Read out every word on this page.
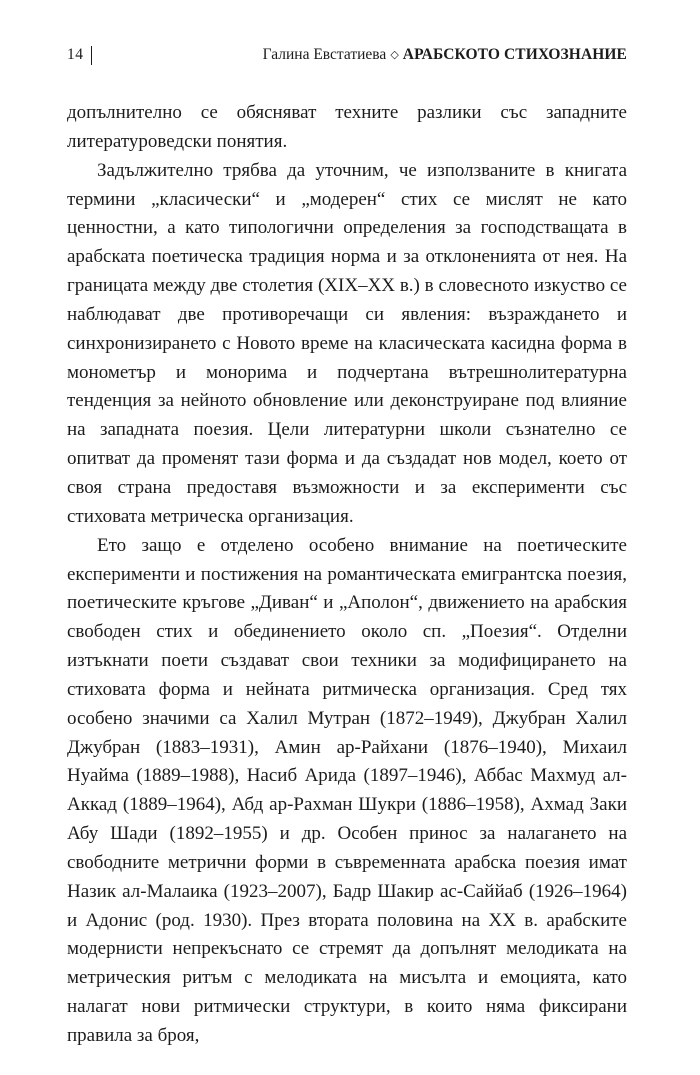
14	Галина Евстатиева ◇ АРАБСКОТО СТИХОЗНАНИЕ

допълнително се обясняват техните разлики със западните литературоведски понятия.

Задължително трябва да уточним, че използваните в книгата термини „класически“ и „модерен“ стих се мислят не като ценностни, а като типологични определения за господстващата в арабската поетическа традиция норма и за отклоненията от нея. На границата между две столетия (XIX–XX в.) в словесното изкуство се наблюдават две противоречащи си явления: възраждането и синхронизирането с Новото време на класическата касидна форма в монометър и монорима и подчертана вътрешнолитературна тенденция за нейното обновление или деконструиране под влияние на западната поезия. Цели литературни школи съзнателно се опитват да променят тази форма и да създадат нов модел, което от своя страна предоставя възможности и за експерименти със стиховата метрическа организация.

Ето защо е отделено особено внимание на поетическите експерименти и постижения на романтическата емигрантска поезия, поетическите кръгове „Диван“ и „Аполон“, движението на арабския свободен стих и обединението около сп. „Поезия“. Отделни изтъкнати поети създават свои техники за модифицирането на стиховата форма и нейната ритмическа организация. Сред тях особено значими са Халил Мутран (1872–1949), Джубран Халил Джубран (1883–1931), Амин ар-Райхани (1876–1940), Михаил Нуайма (1889–1988), Насиб Арида (1897–1946), Аббас Махмуд ал-Аккад (1889–1964), Абд ар-Рахман Шукри (1886–1958), Ахмад Заки Абу Шади (1892–1955) и др. Особен принос за налагането на свободните метрични форми в съвременната арабска поезия имат Назик ал-Малаика (1923–2007), Бадр Шакир ас-Саййаб (1926–1964) и Адонис (род. 1930). През втората половина на XX в. арабските модернисти непрекъснато се стремят да допълнят мелодиката на метрическия ритъм с мелодиката на мисълта и емоцията, като налагат нови ритмически структури, в които няма фиксирани правила за броя,
